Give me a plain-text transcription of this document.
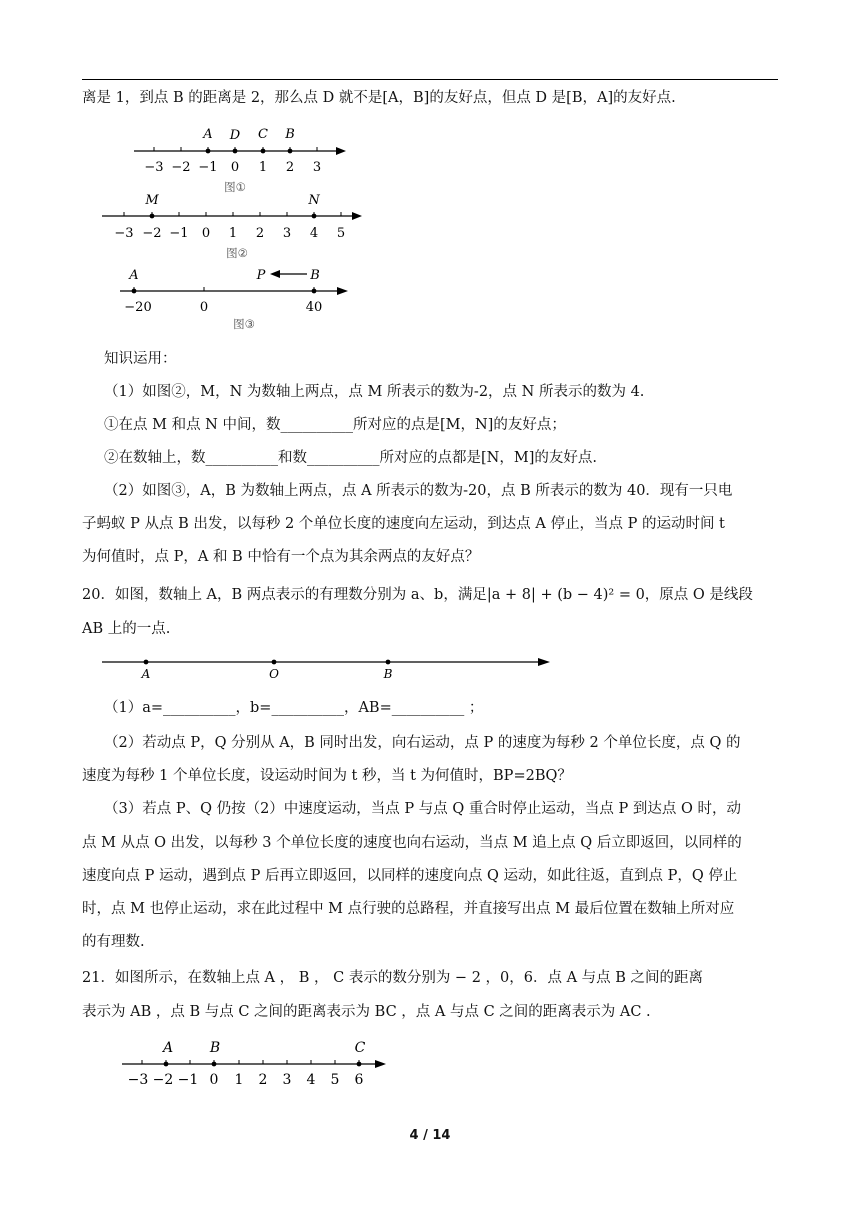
离是 1，到点 B 的距离是 2，那么点 D 就不是[A，B]的友好点，但点 D 是[B，A]的友好点.
A D C B
−3 −2 −1 0 1 2 3
图①
M	N
−3 −2 −1 0 1 2 3 4 5
图②
A	P	B
−20	0	40
图③
知识运用：
（1）如图②，M，N 为数轴上两点，点 M 所表示的数为-2，点 N 所表示的数为 4.
①在点 M 和点 N 中间，数__________所对应的点是[M，N]的友好点；
②在数轴上，数__________和数__________所对应的点都是[N，M]的友好点.
（2）如图③，A，B 为数轴上两点，点 A 所表示的数为-20，点 B 所表示的数为 40．现有一只电
子蚂蚁 P 从点 B 出发，以每秒 2 个单位长度的速度向左运动，到达点 A 停止，当点 P 的运动时间 t
为何值时，点 P，A 和 B 中恰有一个点为其余两点的友好点？
20．如图，数轴上 A，B 两点表示的有理数分别为 a、b，满足|a + 8| + (b − 4)² = 0，原点 O 是线段
AB 上的一点.
A	O	B
（1）a=__________，b=__________，AB=__________ ；
（2）若动点 P，Q 分别从 A，B 同时出发，向右运动，点 P 的速度为每秒 2 个单位长度，点 Q 的
速度为每秒 1 个单位长度，设运动时间为 t 秒，当 t 为何值时，BP=2BQ？
（3）若点 P、Q 仍按（2）中速度运动，当点 P 与点 Q 重合时停止运动，当点 P 到达点 O 时，动
点 M 从点 O 出发，以每秒 3 个单位长度的速度也向右运动，当点 M 追上点 Q 后立即返回，以同样的
速度向点 P 运动，遇到点 P 后再立即返回，以同样的速度向点 Q 运动，如此往返，直到点 P，Q 停止
时，点 M 也停止运动，求在此过程中 M 点行驶的总路程，并直接写出点 M 最后位置在数轴上所对应
的有理数.
21．如图所示，在数轴上点 A ， B ， C 表示的数分别为 − 2 ，0，6．点 A 与点 B 之间的距离
表示为 AB ，点 B 与点 C 之间的距离表示为 BC ，点 A 与点 C 之间的距离表示为 AC .
A	B	C
−3 −2 −1 0 1 2 3 4 5 6
4 / 14
